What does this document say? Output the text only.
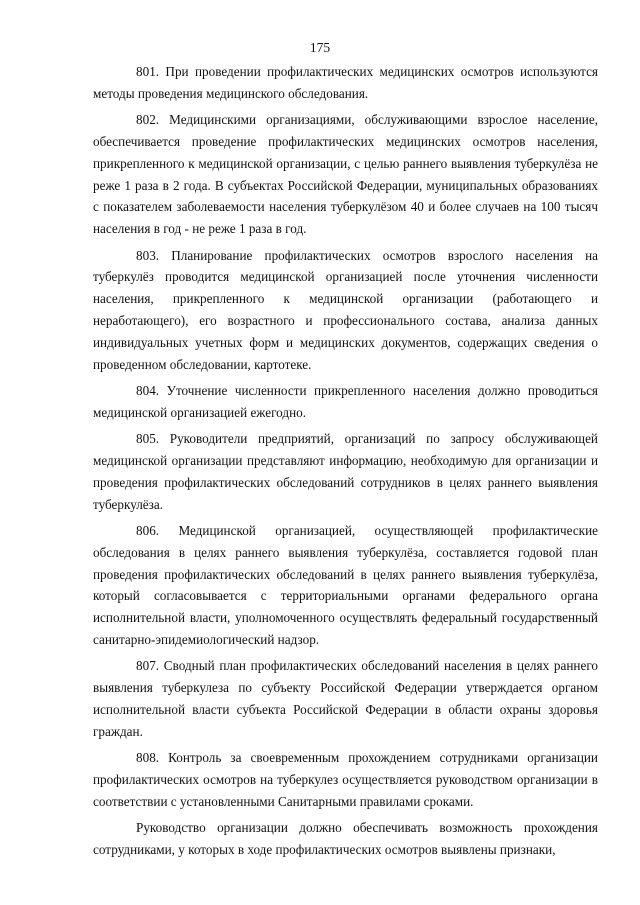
175

801. При проведении профилактических медицинских осмотров используются методы проведения медицинского обследования.

802. Медицинскими организациями, обслуживающими взрослое население, обеспечивается проведение профилактических медицинских осмотров населения, прикрепленного к медицинской организации, с целью раннего выявления туберкулёза не реже 1 раза в 2 года. В субъектах Российской Федерации, муниципальных образованиях с показателем заболеваемости населения туберкулёзом 40 и более случаев на 100 тысяч населения в год - не реже 1 раза в год.

803. Планирование профилактических осмотров взрослого населения на туберкулёз проводится медицинской организацией после уточнения численности населения, прикрепленного к медицинской организации (работающего и неработающего), его возрастного и профессионального состава, анализа данных индивидуальных учетных форм и медицинских документов, содержащих сведения о проведенном обследовании, картотеке.

804. Уточнение численности прикрепленного населения должно проводиться медицинской организацией ежегодно.

805. Руководители предприятий, организаций по запросу обслуживающей медицинской организации представляют информацию, необходимую для организации и проведения профилактических обследований сотрудников в целях раннего выявления туберкулёза.

806. Медицинской организацией, осуществляющей профилактические обследования в целях раннего выявления туберкулёза, составляется годовой план проведения профилактических обследований в целях раннего выявления туберкулёза, который согласовывается с территориальными органами федерального органа исполнительной власти, уполномоченного осуществлять федеральный государственный санитарно-эпидемиологический надзор.

807. Сводный план профилактических обследований населения в целях раннего выявления туберкулеза по субъекту Российской Федерации утверждается органом исполнительной власти субъекта Российской Федерации в области охраны здоровья граждан.

808. Контроль за своевременным прохождением сотрудниками организации профилактических осмотров на туберкулез осуществляется руководством организации в соответствии с установленными Санитарными правилами сроками.

Руководство организации должно обеспечивать возможность прохождения сотрудниками, у которых в ходе профилактических осмотров выявлены признаки,
